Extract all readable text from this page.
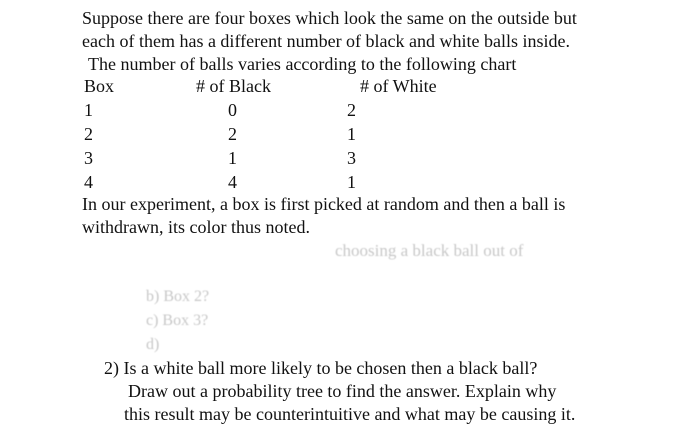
Suppose there are four boxes which look the same on the outside but
each of them has a different number of black and white balls inside.
The number of balls varies according to the following chart
Box	# of Black	# of White
1	0	2
2	2	1
3	1	3
4	4	1
In our experiment, a box is first picked at random and then a ball is
withdrawn, its color thus noted.
choosing a black ball out of
b) Box 2?
c) Box 3?
d)
2) Is a white ball more likely to be chosen then a black ball?
Draw out a probability tree to find the answer. Explain why
this result may be counterintuitive and what may be causing it.
